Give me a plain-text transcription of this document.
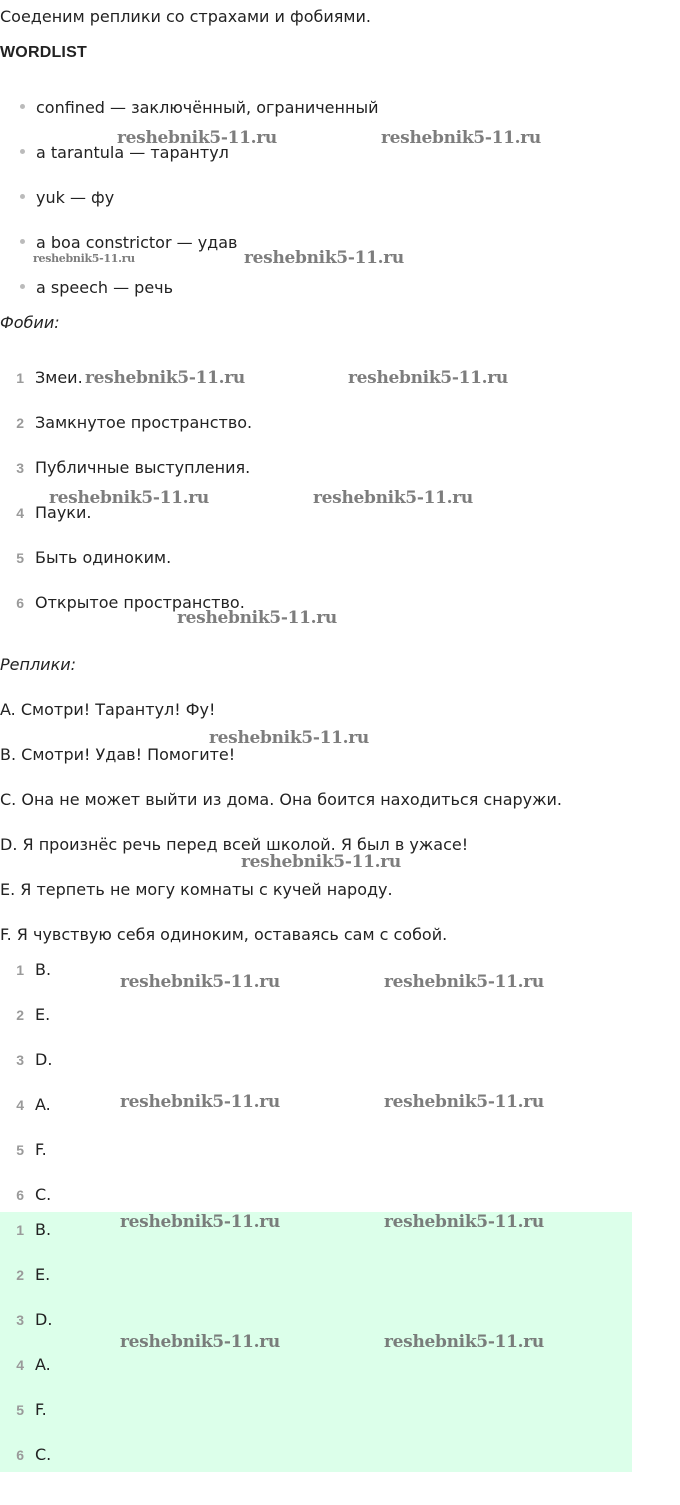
Соеденим реплики со страхами и фобиями.
WORDLIST
confined — заключённый, ограниченный
a tarantula — тарантул
yuk — фу
a boa constrictor — удав
a speech — речь
Фобии:
1 Змеи.
2 Замкнутое пространство.
3 Публичные выступления.
4 Пауки.
5 Быть одиноким.
6 Открытое пространство.
Реплики:
A. Смотри! Тарантул! Фу!
B. Смотри! Удав! Помогите!
C. Она не может выйти из дома. Она боится находиться снаружи.
D. Я произнёс речь перед всей школой. Я был в ужасе!
E. Я терпеть не могу комнаты с кучей народу.
F. Я чувствую себя одиноким, оставаясь сам с собой.
1 B.
2 E.
3 D.
4 A.
5 F.
6 C.
1 B.
2 E.
3 D.
4 A.
5 F.
6 C.
reshebnik5-11.ru	reshebnik5-11.ru
reshebnik5-11.ru	reshebnik5-11.ru
reshebnik5-11.ru	reshebnik5-11.ru
reshebnik5-11.ru	reshebnik5-11.ru
reshebnik5-11.ru
reshebnik5-11.ru
reshebnik5-11.ru
reshebnik5-11.ru	reshebnik5-11.ru
reshebnik5-11.ru	reshebnik5-11.ru
reshebnik5-11.ru	reshebnik5-11.ru
reshebnik5-11.ru	reshebnik5-11.ru
